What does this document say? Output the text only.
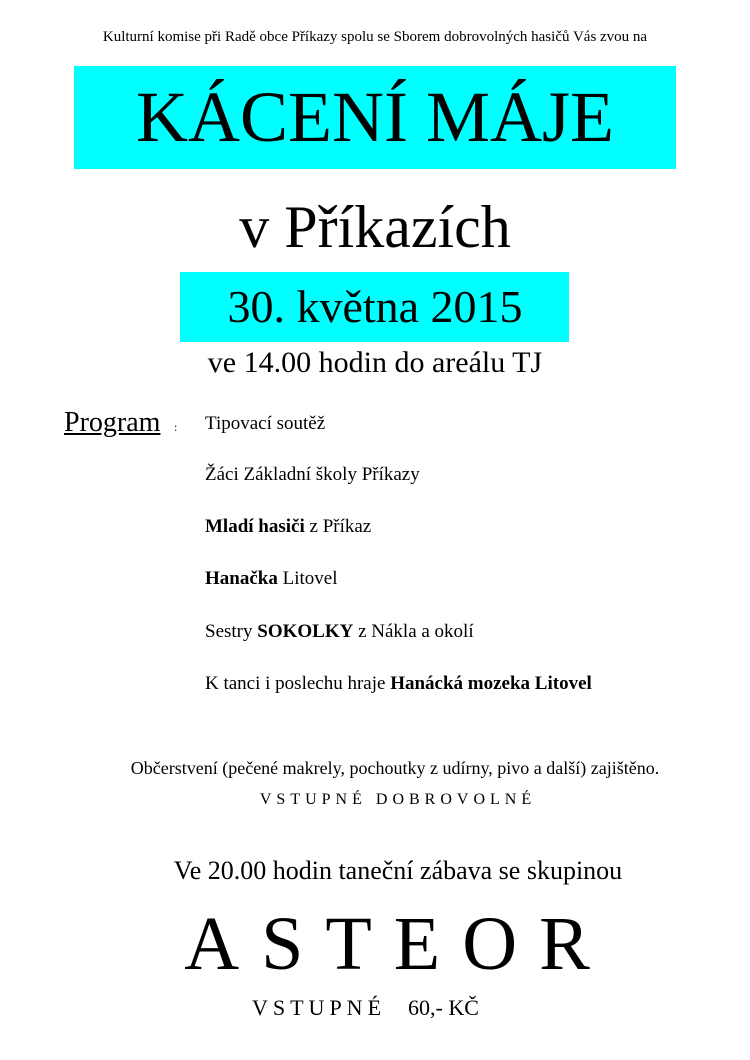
Kulturní komise při Radě obce Příkazy spolu se Sborem dobrovolných hasičů Vás zvou na
KÁCENÍ MÁJE
v Příkazích
30. května 2015
ve 14.00 hodin do areálu TJ
Program : Tipovací soutěž
Žáci Základní školy Příkazy
Mladí hasiči z Příkaz
Hanačka Litovel
Sestry SOKOLKY z Nákla a okolí
K tanci i poslechu hraje Hanácká mozeka Litovel
Občerstvení (pečené makrely, pochoutky z udírny, pivo a další) zajištěno.
VSTUPNÉ DOBROVOLNÉ
Ve 20.00 hodin taneční zábava se skupinou
ASTEOR
VSTUPNÉ 60,- KČ
